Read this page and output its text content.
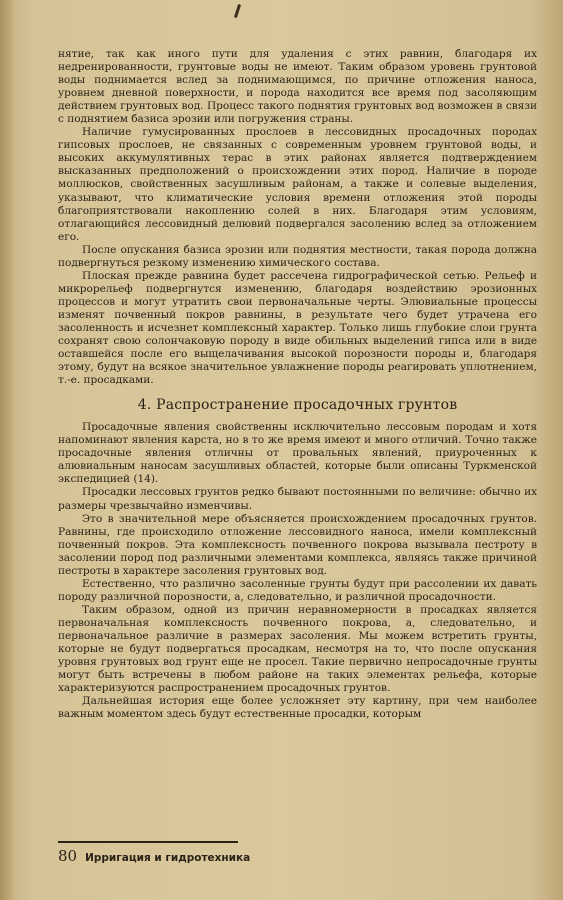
нятие, так как иного пути для удаления с этих равнин, благодаря их недренированности, грунтовые воды не имеют. Таким образом уровень грунтовой воды поднимается вслед за поднимающимся, по причине отложения наноса, уровнем дневной поверхности, и порода находится все время под засоляющим действием грунтовых вод. Процесс такого поднятия грунтовых вод возможен в связи с поднятием базиса эрозии или погружения страны.

Наличие гумусированных прослоев в лессовидных просадочных породах гипсовых прослоев, не связанных с современным уровнем грунтовой воды, и высоких аккумулятивных терас в этих районах является подтверждением высказанных предположений о происхождении этих пород. Наличие в породе моллюсков, свойственных засушливым районам, а также и солевые выделения, указывают, что климатические условия времени отложения этой породы благоприятствовали накоплению солей в них. Благодаря этим условиям, отлагающийся лессовидный делювий подвергался засолению вслед за отложением его.

После опускания базиса эрозии или поднятия местности, такая порода должна подвергнуться резкому изменению химического состава.

Плоская прежде равнина будет рассечена гидрографической сетью. Рельеф и микрорельеф подвергнутся изменению, благодаря воздействию эрозионных процессов и могут утратить свои первоначальные черты. Элювиальные процессы изменят почвенный покров равнины, в результате чего будет утрачена его засоленность и исчезнет комплексный характер. Только лишь глубокие слои грунта сохранят свою солончаковую породу в виде обильных выделений гипса или в виде оставшейся после его выщелачивания высокой порозности породы и, благодаря этому, будут на всякое значительное увлажнение породы реагировать уплотнением, т.-е. просадками.

4. Распространение просадочных грунтов

Просадочные явления свойственны исключительно лессовым породам и хотя напоминают явления карста, но в то же время имеют и много отличий. Точно также просадочные явления отличны от провальных явлений, приуроченных к алювиальным наносам засушливых областей, которые были описаны Туркменской экспедицией (14).

Просадки лессовых грунтов редко бывают постоянными по величине: обычно их размеры чрезвычайно изменчивы.

Это в значительной мере объясняется происхождением просадочных грунтов. Равнины, где происходило отложение лессовидного наноса, имели комплексный почвенный покров. Эта комплексность почвенного покрова вызывала пестроту в засолении пород под различными элементами комплекса, являясь также причиной пестроты в характере засоления грунтовых вод.

Естественно, что различно засоленные грунты будут при рассолении их давать породу различной порозности, а, следовательно, и различной просадочности.

Таким образом, одной из причин неравномерности в просадках является первоначальная комплексность почвенного покрова, а, следовательно, и первоначальное различие в размерах засоления. Мы можем встретить грунты, которые не будут подвергаться просадкам, несмотря на то, что после опускания уровня грунтовых вод грунт еще не просел. Такие первично непросадочные грунты могут быть встречены в любом районе на таких элементах рельефа, которые характеризуются распространением просадочных грунтов.

Дальнейшая история еще более усложняет эту картину, при чем наиболее важным моментом здесь будут естественные просадки, которым

80 Ирригация и гидротехника
